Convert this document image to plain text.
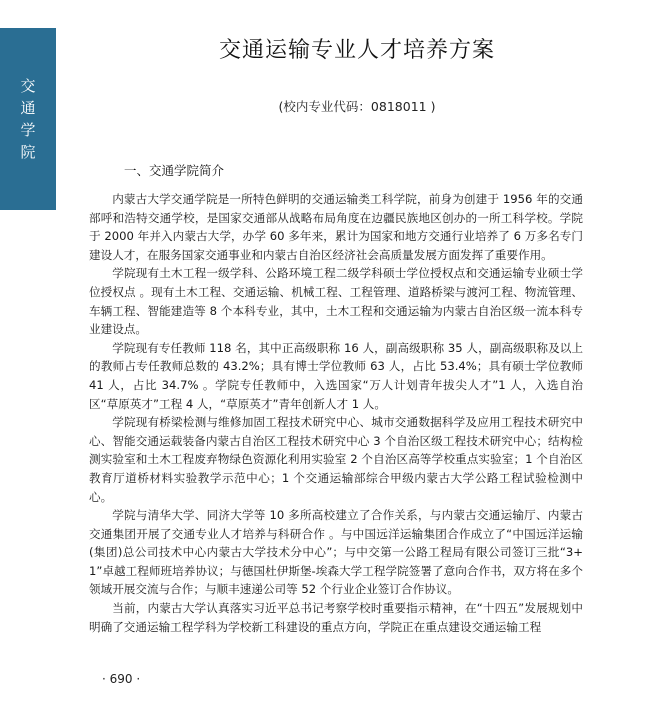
交
通
学
院
交通运输专业人才培养方案
(校内专业代码：0818011 )
一、交通学院简介

内蒙古大学交通学院是一所特色鲜明的交通运输类工科学院，前身为创建于 1956 年的交通部呼和浩特交通学校，是国家交通部从战略布局角度在边疆民族地区创办的一所工科学校。学院于 2000 年并入内蒙古大学，办学 60 多年来，累计为国家和地方交通行业培养了 6 万多名专门建设人才，在服务国家交通事业和内蒙古自治区经济社会高质量发展方面发挥了重要作用。

学院现有土木工程一级学科、公路环境工程二级学科硕士学位授权点和交通运输专业硕士学位授权点 。现有土木工程、交通运输、机械工程、工程管理、道路桥梁与渡河工程、物流管理、车辆工程、智能建造等 8 个本科专业，其中，土木工程和交通运输为内蒙古自治区级一流本科专业建设点。

学院现有专任教师 118 名，其中正高级职称 16 人，副高级职称 35 人，副高级职称及以上的教师占专任教师总数的 43.2%；具有博士学位教师 63 人，占比 53.4%；具有硕士学位教师 41 人，占比 34.7% 。学院专任教师中，入选国家“万人计划青年拔尖人才”1 人，入选自治区“草原英才”工程 4 人，“草原英才”青年创新人才 1 人。

学院现有桥梁检测与维修加固工程技术研究中心、城市交通数据科学及应用工程技术研究中心、智能交通运载装备内蒙古自治区工程技术研究中心 3 个自治区级工程技术研究中心；结构检测实验室和土木工程废弃物绿色资源化利用实验室 2 个自治区高等学校重点实验室；1 个自治区教育厅道桥材料实验教学示范中心；1 个交通运输部综合甲级内蒙古大学公路工程试验检测中心。

学院与清华大学、同济大学等 10 多所高校建立了合作关系，与内蒙古交通运输厅、内蒙古交通集团开展了交通专业人才培养与科研合作 。与中国远洋运输集团合作成立了“中国远洋运输(集团)总公司技术中心内蒙古大学技术分中心”；与中交第一公路工程局有限公司签订三批“3+ 1”卓越工程师班培养协议；与德国杜伊斯堡-埃森大学工程学院签署了意向合作书，双方将在多个领域开展交流与合作；与顺丰速递公司等 52 个行业企业签订合作协议。

当前，内蒙古大学认真落实习近平总书记考察学校时重要指示精神，在“十四五”发展规划中明确了交通运输工程学科为学校新工科建设的重点方向，学院正在重点建设交通运输工程

· 690 ·
